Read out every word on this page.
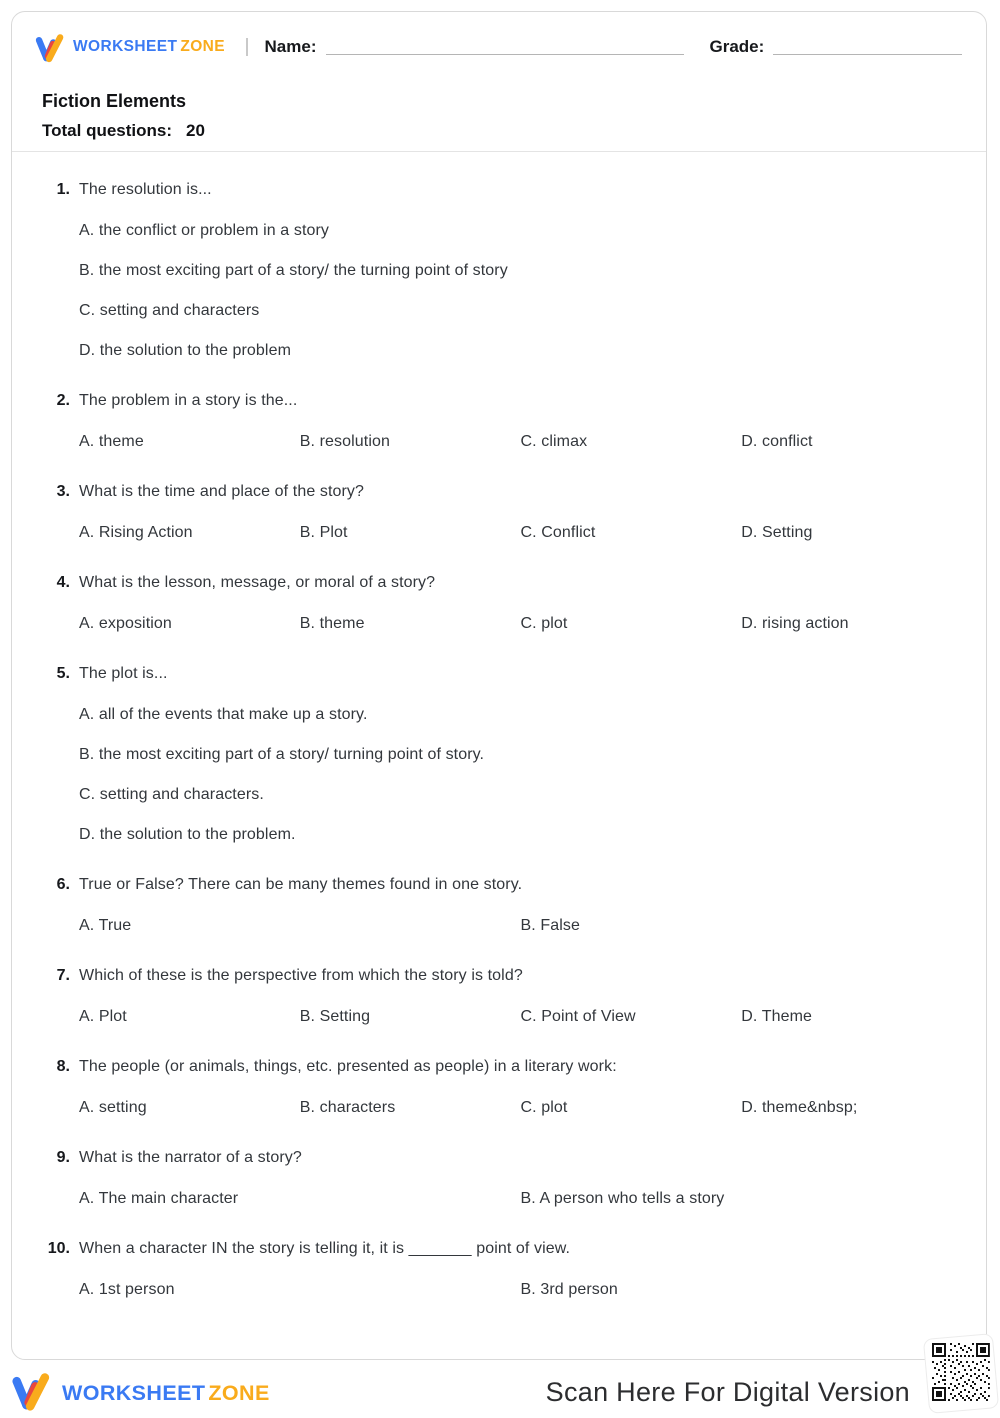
WORKSHEET ZONE Name:	Grade:
Fiction Elements
Total questions: 20
1. The resolution is...
A. the conflict or problem in a story
B. the most exciting part of a story/ the turning point of story
C. setting and characters
D. the solution to the problem
2. The problem in a story is the...
A. theme	B. resolution	C. climax	D. conflict
3. What is the time and place of the story?
A. Rising Action	B. Plot	C. Conflict	D. Setting
4. What is the lesson, message, or moral of a story?
A. exposition	B. theme	C. plot	D. rising action
5. The plot is...
A. all of the events that make up a story.
B. the most exciting part of a story/ turning point of story.
C. setting and characters.
D. the solution to the problem.
6. True or False? There can be many themes found in one story.
A. True	B. False
7. Which of these is the perspective from which the story is told?
A. Plot	B. Setting	C. Point of View	D. Theme
8. The people (or animals, things, etc. presented as people) in a literary work:
A. setting	B. characters	C. plot	D. theme&nbsp;
9. What is the narrator of a story?
A. The main character	B. A person who tells a story
10. When a character IN the story is telling it, it is _______ point of view.
A. 1st person	B. 3rd person
WORKSHEET ZONE	Scan Here For Digital Version
